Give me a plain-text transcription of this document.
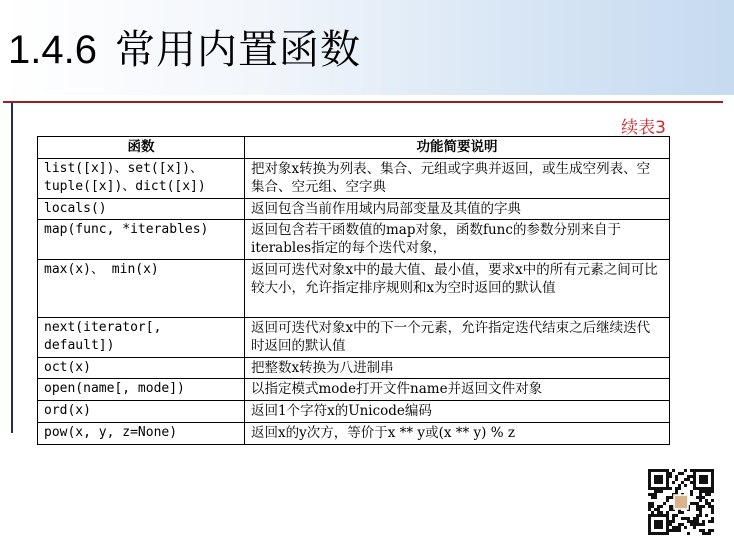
1.4.6 常用内置函数
续表3
函数	功能简要说明
list([x])、set([x])、
tuple([x])、dict([x])	把对象x转换为列表、集合、元组或字典并返回，或生成空列表、空集合、空元组、空字典
locals()	返回包含当前作用域内局部变量及其值的字典
map(func, *iterables)	返回包含若干函数值的map对象，函数func的参数分别来自于iterables指定的每个迭代对象，
max(x)、 min(x)	返回可迭代对象x中的最大值、最小值，要求x中的所有元素之间可比较大小，允许指定排序规则和x为空时返回的默认值
next(iterator[,
default])	返回可迭代对象x中的下一个元素，允许指定迭代结束之后继续迭代时返回的默认值
oct(x)	把整数x转换为八进制串
open(name[, mode])	以指定模式mode打开文件name并返回文件对象
ord(x)	返回1个字符x的Unicode编码
pow(x, y, z=None)	返回x的y次方，等价于x ** y或(x ** y) % z
